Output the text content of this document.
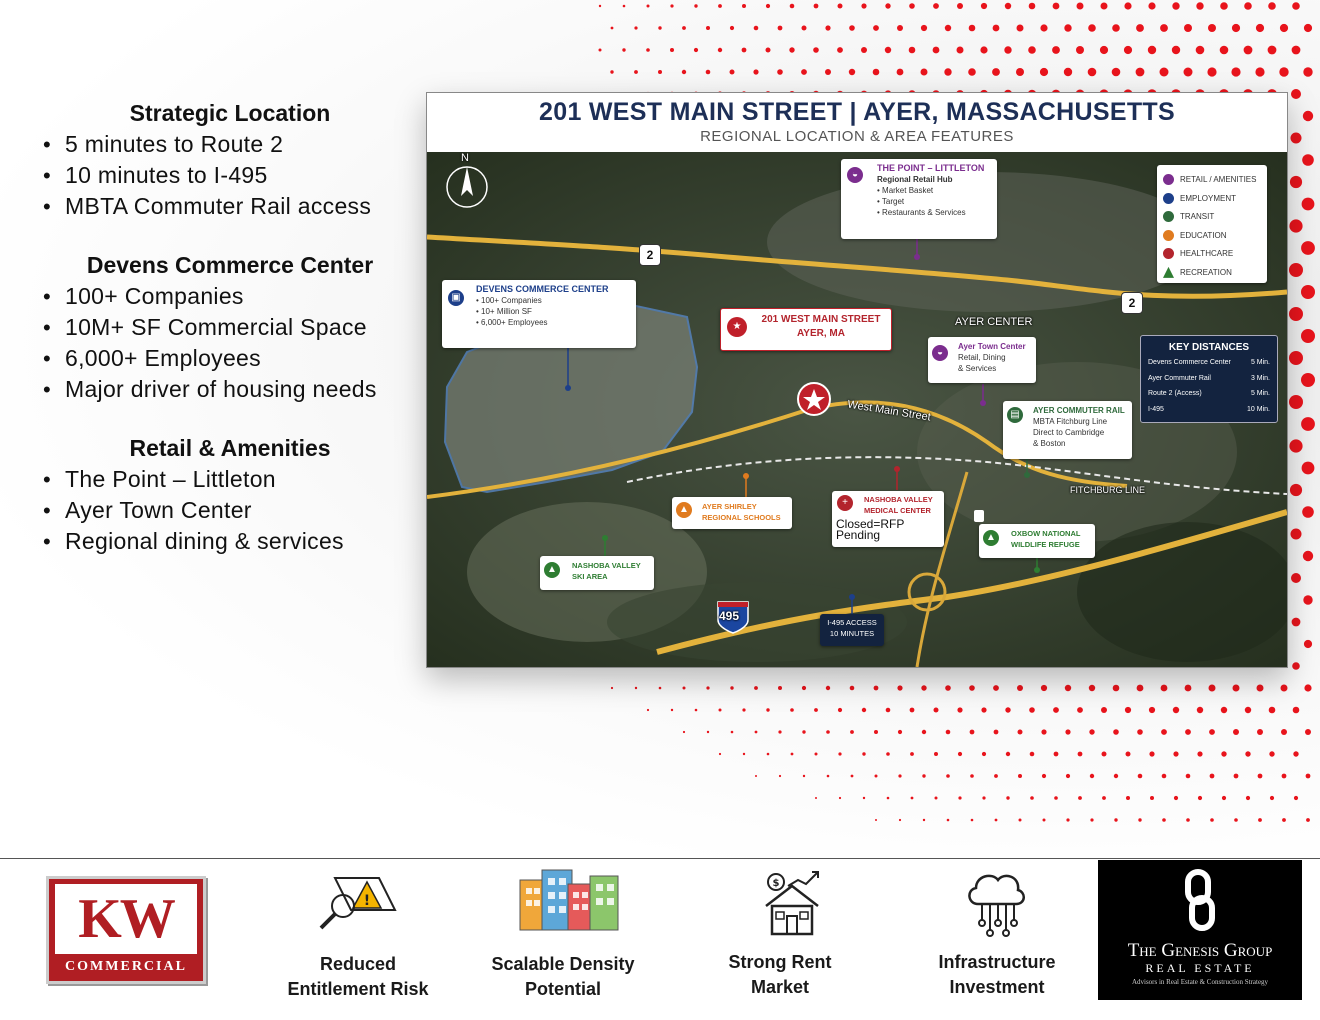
Strategic Location
• 5 minutes to Route 2
• 10 minutes to I-495
• MBTA Commuter Rail access
Devens Commerce Center
• 100+ Companies
• 10M+ SF Commercial Space
• 6,000+ Employees
• Major driver of housing needs
Retail & Amenities
• The Point – Littleton
• Ayer Town Center
• Regional dining & services
201 WEST MAIN STREET | AYER, MASSACHUSETTS
REGIONAL LOCATION & AREA FEATURES
N
2
2
495
AYER CENTER
West Main Street
FITCHBURG LINE
▣
DEVENS COMMERCE CENTER
• 100+ Companies
• 10+ Million SF
• 6,000+ Employees
◒
THE POINT – LITTLETON
Regional Retail Hub
• Market Basket
• Target
• Restaurants & Services
★
201 WEST MAIN STREET
AYER, MA
◒
Ayer Town Center
Retail, Dining
& Services
▤	AYER COMMUTER RAIL
MBTA Fitchburg Line
Direct to Cambridge
& Boston
▲	AYER SHIRLEY
REGIONAL SCHOOLS
+	NASHOBA VALLEY
MEDICAL CENTER
Closed=RFP Pending	▲	OXBOW NATIONAL
WILDLIFE REFUGE
▲	NASHOBA VALLEY
SKI AREA
I-495 ACCESS
10 MINUTES
RETAIL / AMENITIES
EMPLOYMENT
TRANSIT
EDUCATION
HEALTHCARE
RECREATION
KEY DISTANCES
Devens Commerce Center	5 Min.
Ayer Commuter Rail	3 Min.
Route 2 (Access)	5 Min.
I-495	10 Min.
KW
COMMERCIAL
!
Reduced
Entitlement Risk
Scalable Density
Potential
$
Strong Rent
Market
Infrastructure
Investment
The Genesis Group
REAL ESTATE
Advisors in Real Estate & Construction Strategy
